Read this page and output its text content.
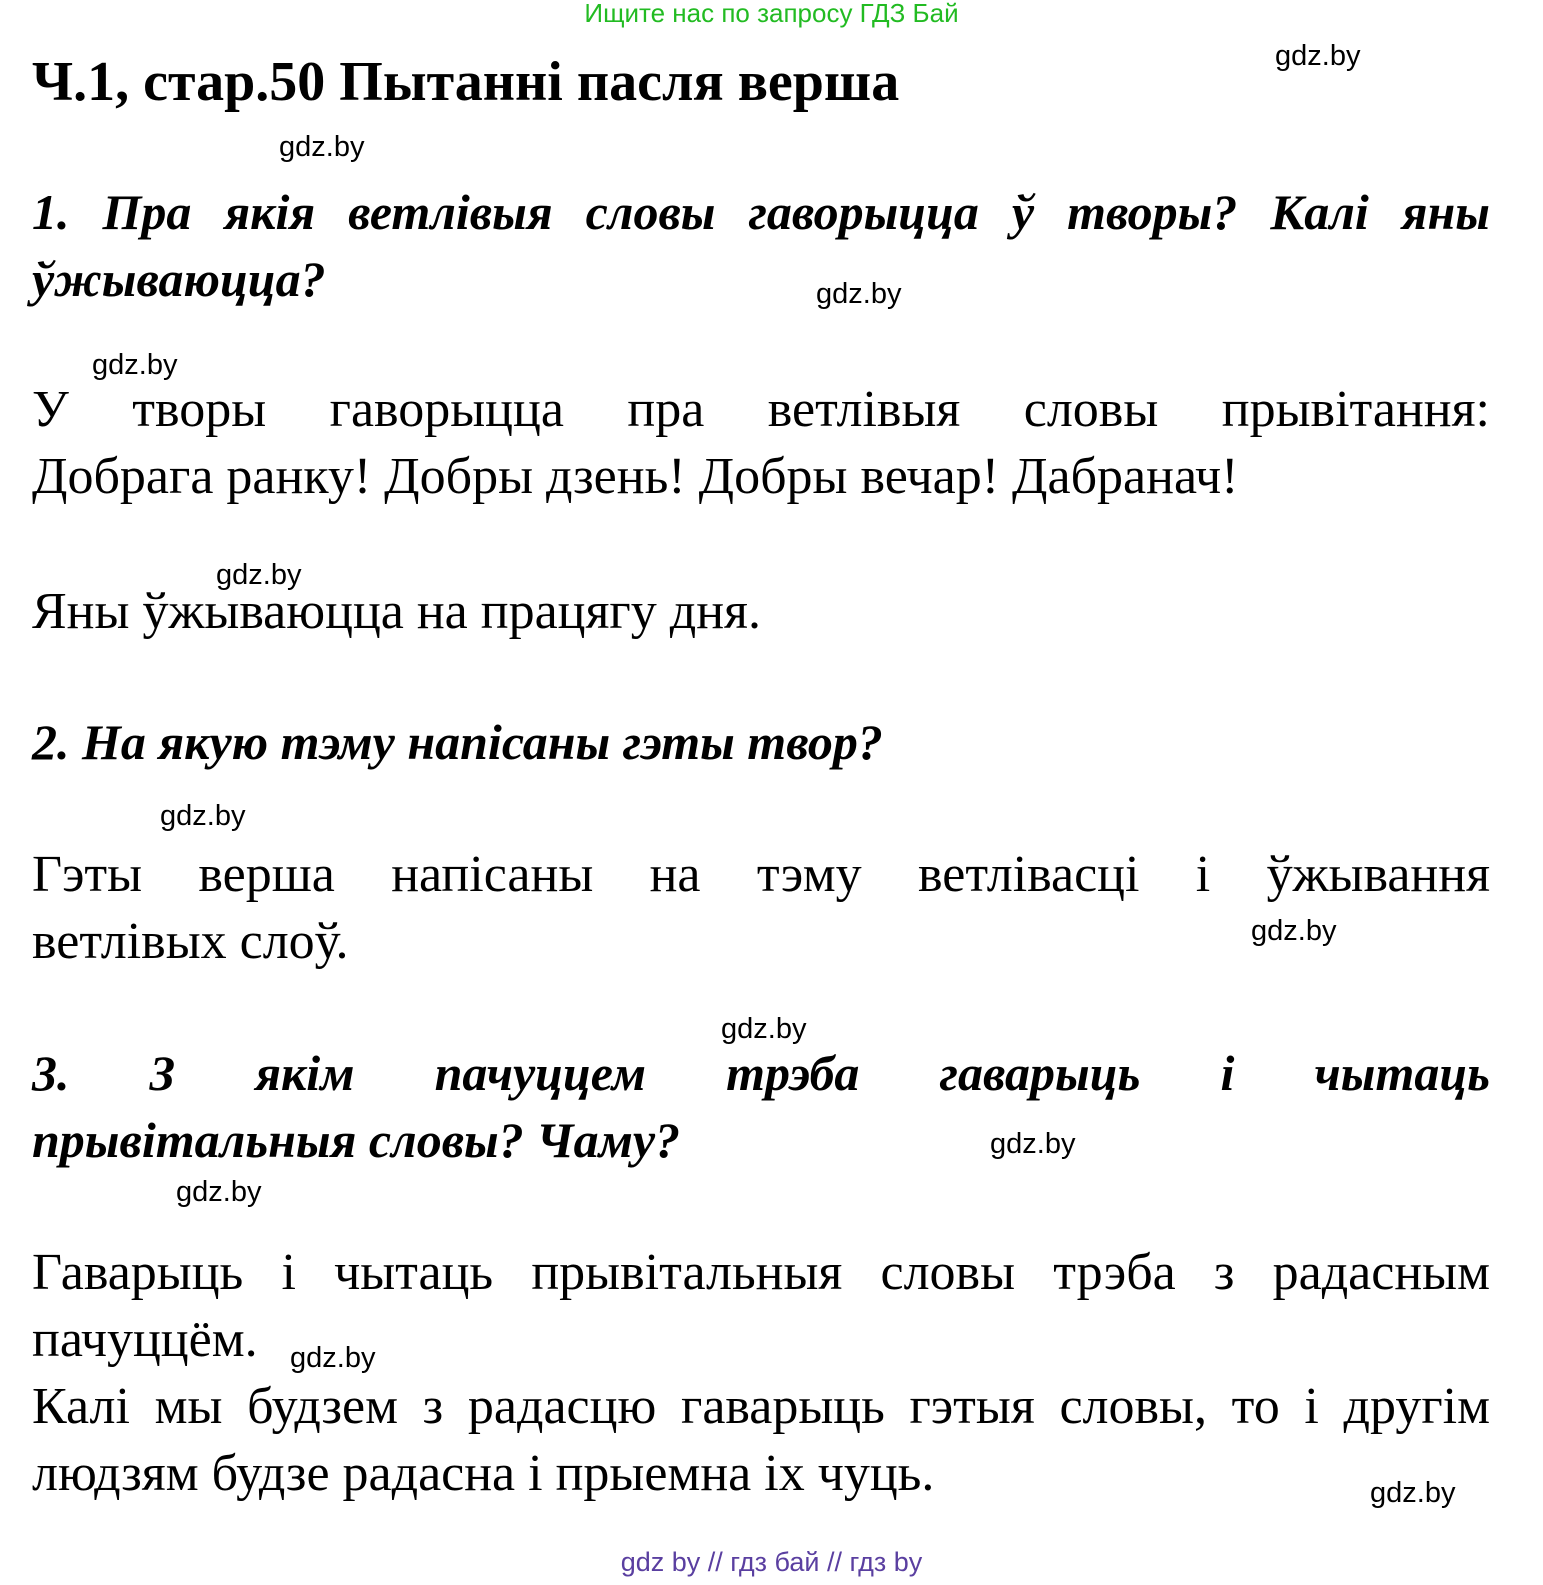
Ищите нас по запросу ГДЗ Бай
Ч.1, стар.50 Пытанні пасля верша	gdz.by
gdz.by
gdz.by
gdz.by
gdz.by
gdz.by
gdz.by
gdz.by
gdz.by
gdz.by
gdz.by
gdz.by
1. Пра якія ветлівыя словы гаворыцца ў творы? Калі яны
ўжываюцца?
У творы гаворыцца пра ветлівыя словы прывітання:
Добрага ранку! Добры дзень! Добры вечар! Дабранач!
Яны ўжываюцца на працягу дня.
2. На якую тэму напісаны гэты твор?
Гэты верша напісаны на тэму ветлівасці і ўжывання
ветлівых слоў.
3. З якім пачуццем трэба гаварыць і чытаць
прывітальныя словы? Чаму?
Гаварыць і чытаць прывітальныя словы трэба з радасным
пачуццём.
Калі мы будзем з радасцю гаварыць гэтыя словы, то і другім
людзям будзе радасна і прыемна іх чуць.
gdz by // гдз бай // гдз by
